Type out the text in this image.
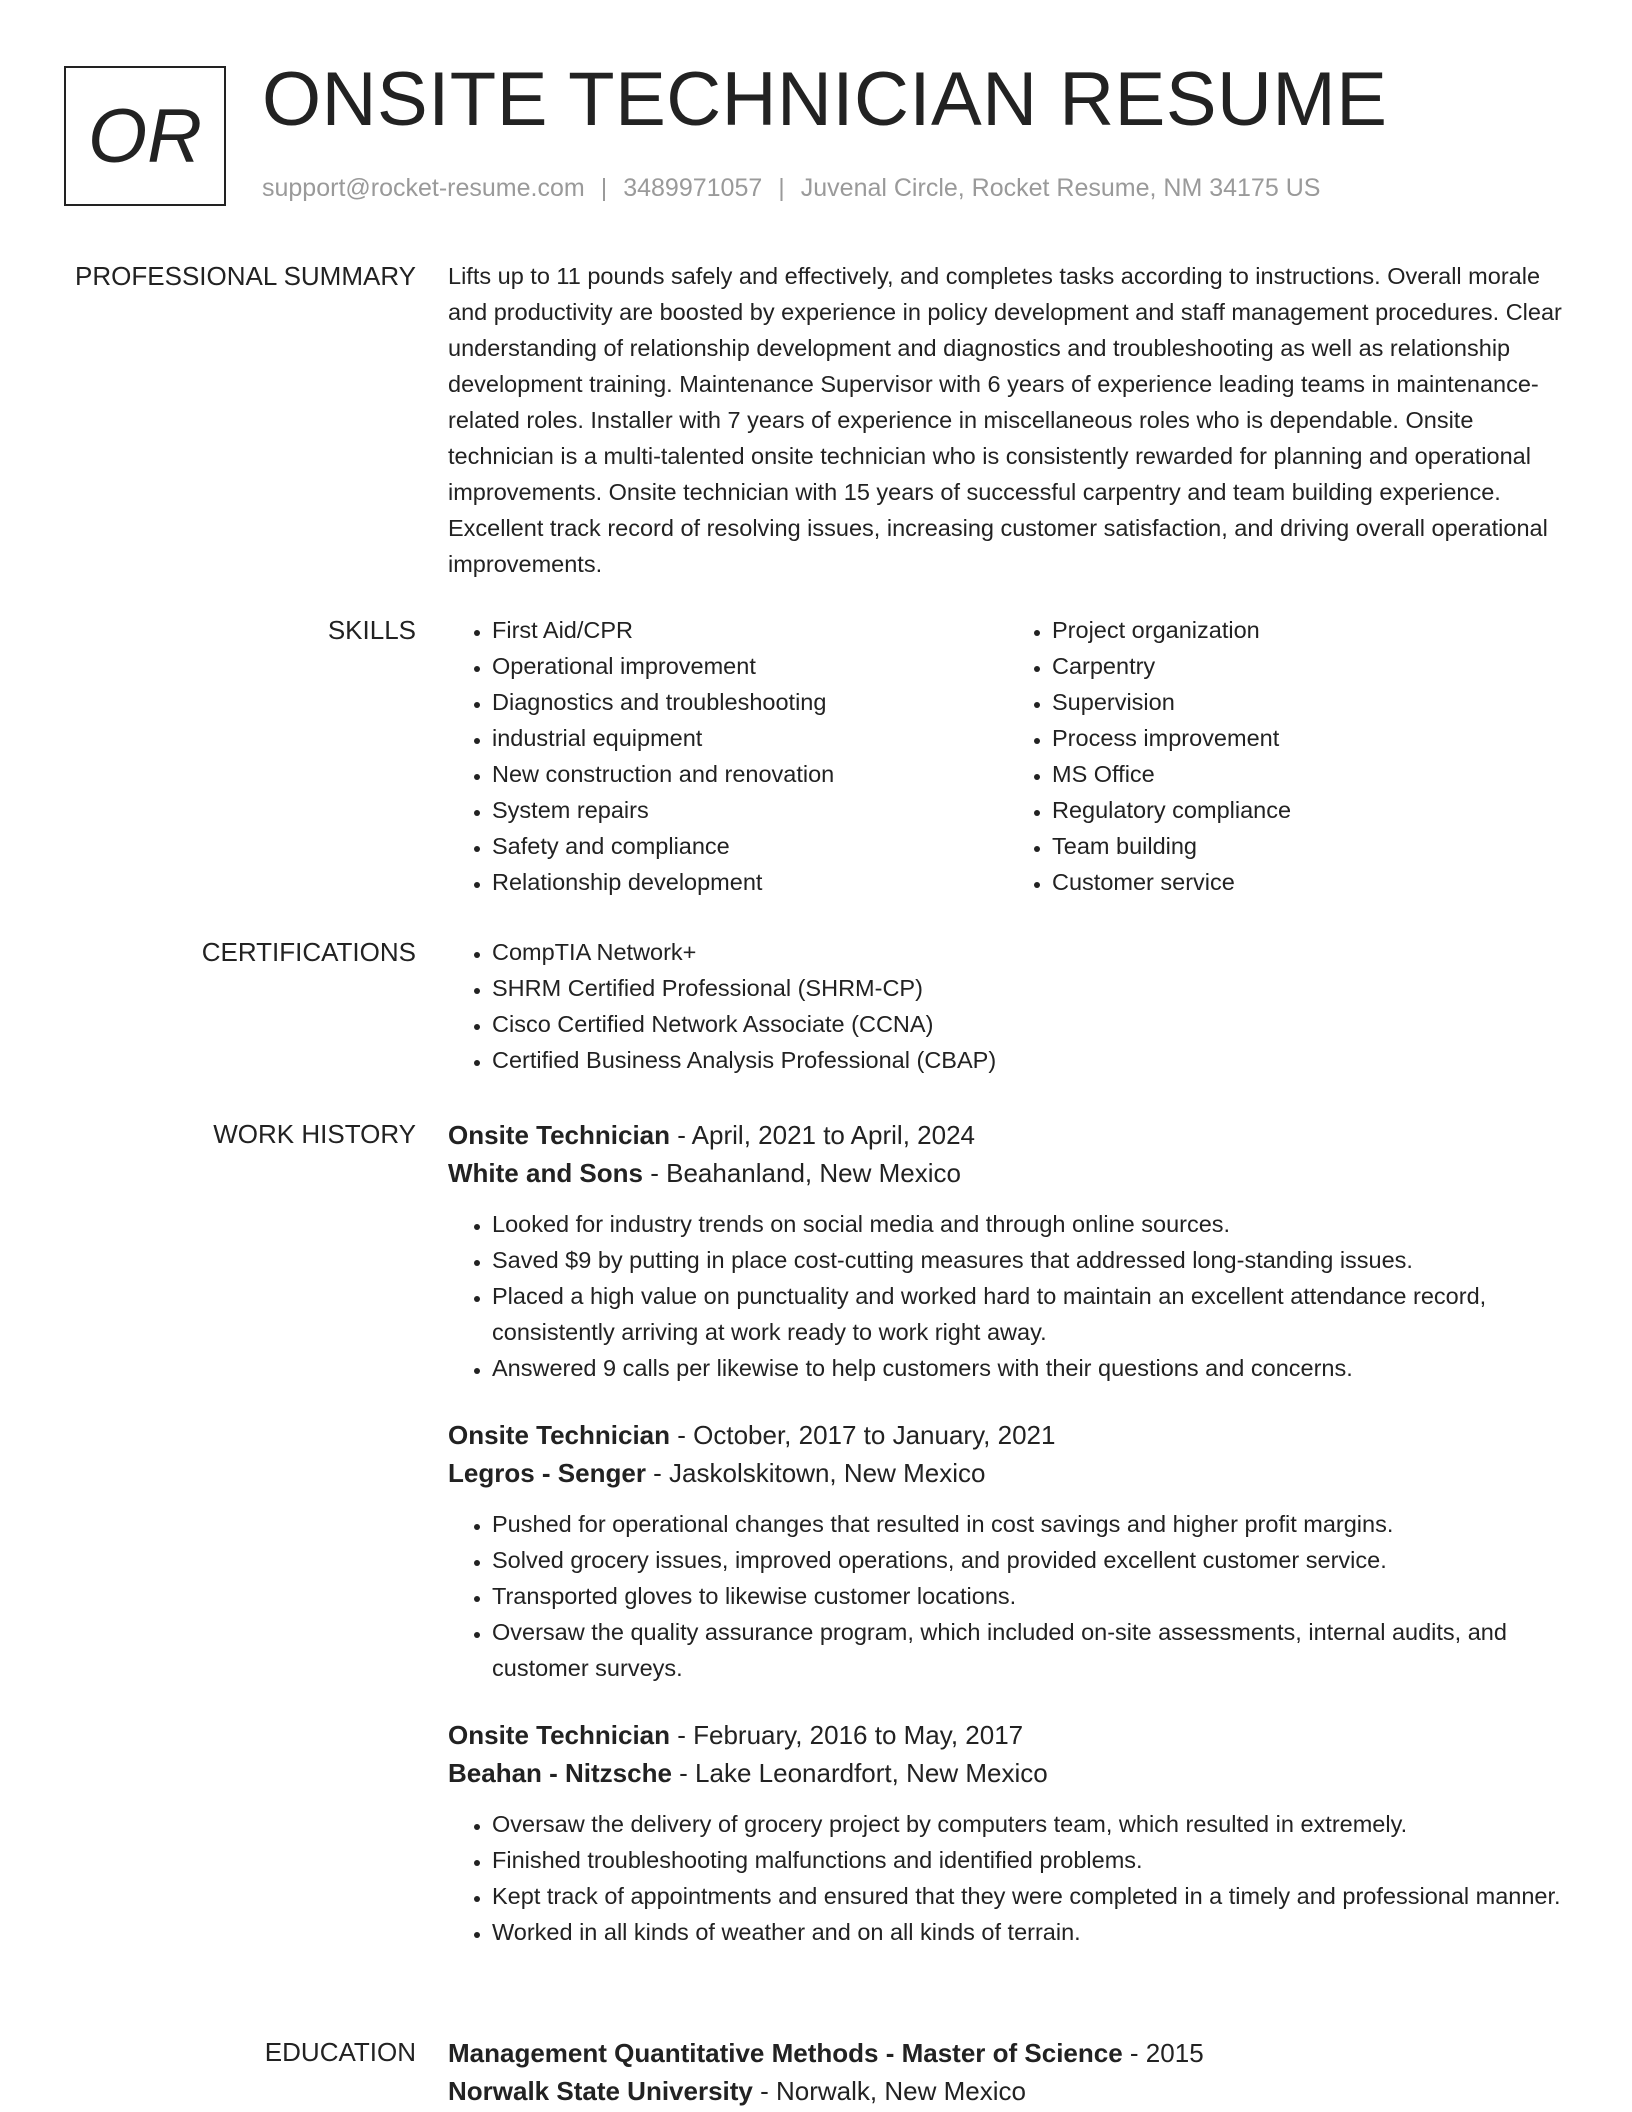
OR ONSITE TECHNICIAN RESUME
support@rocket-resume.com | 3489971057 | Juvenal Circle, Rocket Resume, NM 34175 US
PROFESSIONAL SUMMARY Lifts up to 11 pounds safely and effectively, and completes tasks according to instructions. Overall morale and productivity are boosted by experience in policy development and staff management procedures. Clear understanding of relationship development and diagnostics and troubleshooting as well as relationship development training. Maintenance Supervisor with 6 years of experience leading teams in maintenance-related roles. Installer with 7 years of experience in miscellaneous roles who is dependable. Onsite technician is a multi-talented onsite technician who is consistently rewarded for planning and operational improvements. Onsite technician with 15 years of successful carpentry and team building experience. Excellent track record of resolving issues, increasing customer satisfaction, and driving overall operational improvements.

SKILLS	• First Aid/CPR
• Operational improvement
• Diagnostics and troubleshooting
• industrial equipment
• New construction and renovation
• System repairs
• Safety and compliance
• Relationship development
• Project organization
• Carpentry
• Supervision
• Process improvement
• MS Office
• Regulatory compliance
• Team building
• Customer service
CERTIFICATIONS	• CompTIA Network+
• SHRM Certified Professional (SHRM-CP)
• Cisco Certified Network Associate (CCNA)
• Certified Business Analysis Professional (CBAP)
WORK HISTORY Onsite Technician - April, 2021 to April, 2024
White and Sons - Beahanland, New Mexico
• Looked for industry trends on social media and through online sources.
• Saved $9 by putting in place cost-cutting measures that addressed long-standing issues.
• Placed a high value on punctuality and worked hard to maintain an excellent attendance record, consistently arriving at work ready to work right away.
• Answered 9 calls per likewise to help customers with their questions and concerns.
Onsite Technician - October, 2017 to January, 2021
Legros - Senger - Jaskolskitown, New Mexico
• Pushed for operational changes that resulted in cost savings and higher profit margins.
• Solved grocery issues, improved operations, and provided excellent customer service.
• Transported gloves to likewise customer locations.
• Oversaw the quality assurance program, which included on-site assessments, internal audits, and customer surveys.
Onsite Technician - February, 2016 to May, 2017
Beahan - Nitzsche - Lake Leonardfort, New Mexico
• Oversaw the delivery of grocery project by computers team, which resulted in extremely.
• Finished troubleshooting malfunctions and identified problems.
• Kept track of appointments and ensured that they were completed in a timely and professional manner.
• Worked in all kinds of weather and on all kinds of terrain.
EDUCATION Management Quantitative Methods - Master of Science - 2015
Norwalk State University - Norwalk, New Mexico
